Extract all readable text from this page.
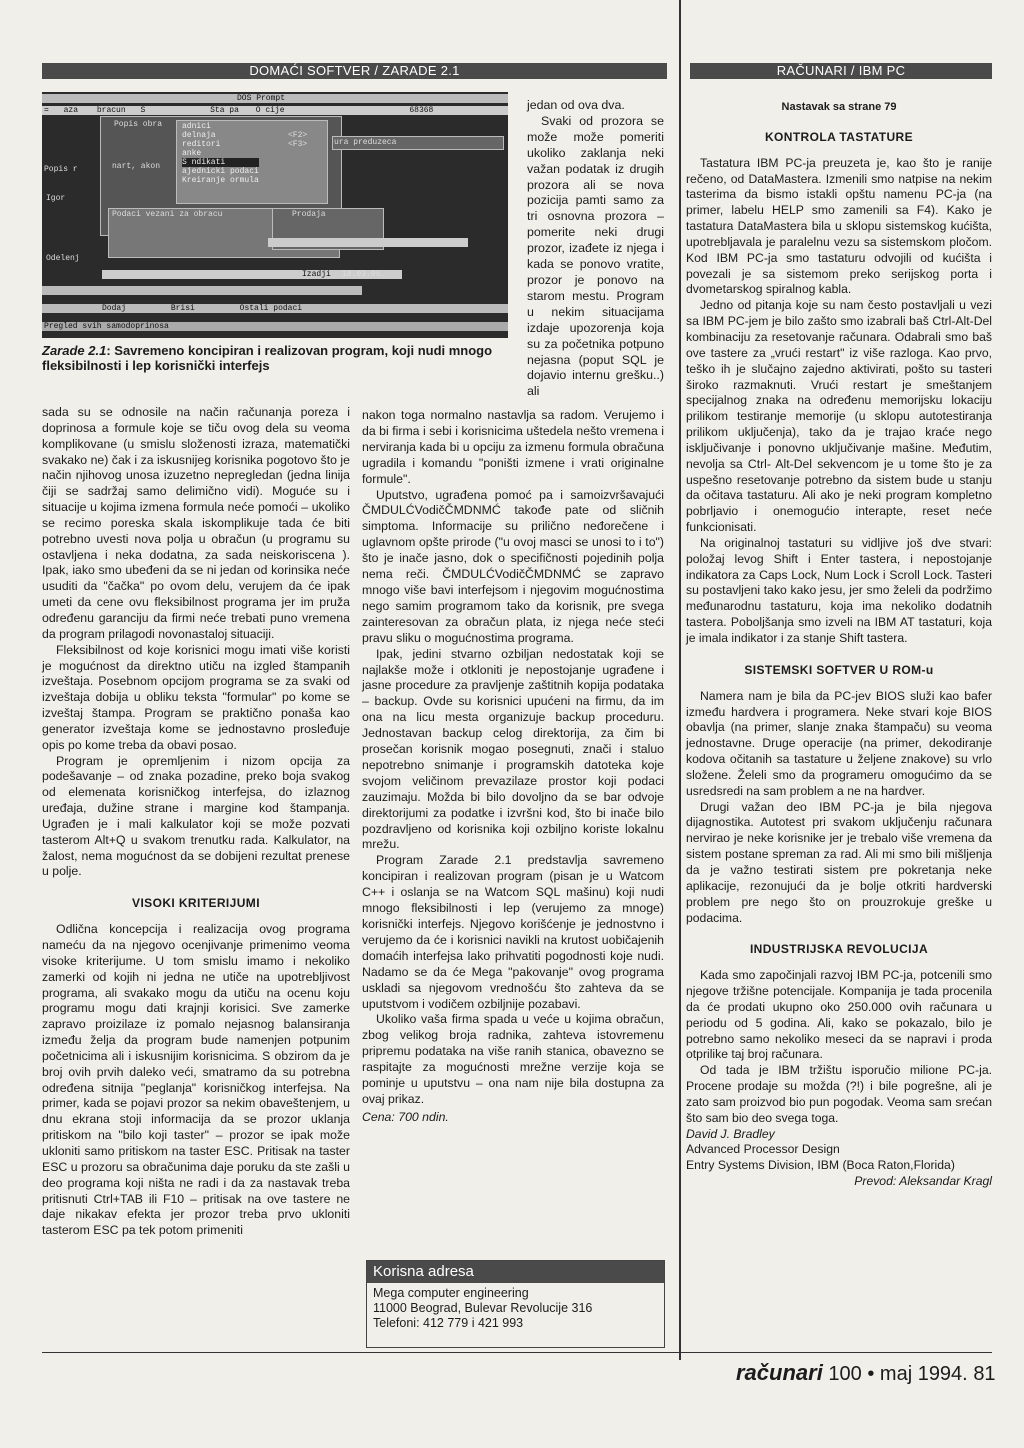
DOMAĆI SOFTVER / ZARADE 2.1	RAČUNARI / IBM PC
DOS Prompt
= aza bracun S	Sta pa O cije	68368
Popis obra adnici
delnaja
reditori
anke
S ndikati
ajednicki podaci
Kreiranje ormula
<F2>
<F3>	ura preduzeca
Popis r	nart, akon
Igor
Odelenj
Podaci vezani za obracu	Prodaja
Izadji 18.03.95.
Dodaj	Brisi	Ostali podaci
Pregled svih samodoprinosa
Zarade 2.1: Savremeno koncipiran i realizovan program, koji nudi mnogo fleksibilnosti i lep korisnički interfejs

sada su se odnosile na način računanja poreza i doprinosa a formule koje se tiču ovog dela su veoma komplikovane (u smislu složenosti izraza, matematički svakako ne) čak i za iskusnijeg korisnika pogotovo što je način njihovog unosa izuzetno nepregledan (jedna linija čiji se sadržaj samo delimično vidi). Moguće su i situacije u kojima izmena formula neće pomoći – ukoliko se recimo poreska skala iskomplikuje tada će biti potrebno uvesti nova polja u obračun (u programu su ostavljena i neka dodatna, za sada neiskoriscena ). Ipak, iako smo ubeđeni da se ni jedan od korinsika neće usuditi da "čačka" po ovom delu, verujem da će ipak umeti da cene ovu fleksibilnost programa jer im pruža određenu garanciju da firmi neće trebati puno vremena da program prilagodi novonastaloj situaciji.

Fleksibilnost od koje korisnici mogu imati više koristi je mogućnost da direktno utiču na izgled štampanih izveštaja. Posebnom opcijom programa se za svaki od izveštaja dobija u obliku teksta "formular" po kome se izveštaj štampa. Program se praktično ponaša kao generator izveštaja kome se jednostavno prosleđuje opis po kome treba da obavi posao.

Program je opremljenim i nizom opcija za podešavanje – od znaka pozadine, preko boja svakog od elemenata korisničkog interfejsa, do izlaznog uređaja, dužine strane i margine kod štampanja. Ugrađen je i mali kalkulator koji se može pozvati tasterom Alt+Q u svakom trenutku rada. Kalkulator, na žalost, nema mogućnost da se dobijeni rezultat prenese u polje.

VISOKI KRITERIJUMI

Odlična koncepcija i realizacija ovog programa nameću da na njegovo ocenjivanje primenimo veoma visoke kriterijume. U tom smislu imamo i nekoliko zamerki od kojih ni jedna ne utiče na upotrebljivost programa, ali svakako mogu da utiču na ocenu koju programu mogu dati krajnji korisici. Sve zamerke zapravo proizilaze iz pomalo nejasnog balansiranja između želja da program bude namenjen potpunim početnicima ali i iskusnijim korisnicima. S obzirom da je broj ovih prvih daleko veći, smatramo da su potrebna određena sitnija "peglanja" korisničkog interfejsa. Na primer, kada se pojavi prozor sa nekim obaveštenjem, u dnu ekrana stoji informacija da se prozor uklanja pritiskom na "bilo koji taster" – prozor se ipak može ukloniti samo pritiskom na taster ESC. Pritisak na taster ESC u prozoru sa obračunima daje poruku da ste zašli u deo programa koji ništa ne radi i da za nastavak treba pritisnuti Ctrl+TAB ili F10 – pritisak na ove tastere ne daje nikakav efekta jer prozor treba prvo ukloniti tasterom ESC pa tek potom primeniti

jedan od ova dva.

Svaki od prozora se može može pomeriti ukoliko zaklanja neki važan podatak iz drugih prozora ali se nova pozicija pamti samo za tri osnovna prozora – pomerite neki drugi prozor, izađete iz njega i kada se ponovo vratite, prozor je ponovo na starom mestu. Program u nekim situacijama izdaje upozorenja koja su za početnika potpuno nejasna (poput SQL je dojavio internu grešku..) ali

nakon toga normalno nastavlja sa radom. Verujemo i da bi firma i sebi i korisnicima uštedela nešto vremena i nerviranja kada bi u opciju za izmenu formula obračuna ugradila i komandu "poništi izmene i vrati originalne formule".

Uputstvo, ugrađena pomoć pa i samoizvršavajući ČMDULĆVodičČMDNMĆ takođe pate od sličnih simptoma. Informacije su prilično neđorečene i uglavnom opšte prirode ("u ovoj masci se unosi to i to") što je inače jasno, dok o specifičnosti pojedinih polja nema reči. ČMDULĆVodičČMDNMĆ se zapravo mnogo više bavi interfejsom i njegovim mogućnostima nego samim programom tako da korisnik, pre svega zainteresovan za obračun plata, iz njega neće steći pravu sliku o mogućnostima programa.

Ipak, jedini stvarno ozbiljan nedostatak koji se najlakše može i otkloniti je nepostojanje ugrađene i jasne procedure za pravljenje zaštitnih kopija podataka – backup. Ovde su korisnici upućeni na firmu, da im ona na licu mesta organizuje backup proceduru. Jednostavan backup celog direktorija, za čim bi prosečan korisnik mogao posegnuti, znači i staluo nepotrebno snimanje i programskih datoteka koje svojom veličinom prevazilaze prostor koji podaci zauzimaju. Možda bi bilo dovoljno da se bar odvoje direktorijumi za podatke i izvršni kod, što bi inače bilo pozdravljeno od korisnika koji ozbiljno koriste lokalnu mrežu.

Program Zarade 2.1 predstavlja savremeno koncipiran i realizovan program (pisan je u Watcom C++ i oslanja se na Watcom SQL mašinu) koji nudi mnogo fleksibilnosti i lep (verujemo za mnoge) korisnički interfejs. Njegovo korišćenje je jednostvno i verujemo da će i korisnici navikli na krutost uobičajenih domaćih interfejsa lako prihvatiti pogodnosti koje nudi. Nadamo se da će Mega "pakovanje" ovog programa uskladi sa njegovom vrednošću što zahteva da se uputstvom i vodičem ozbiljnije pozabavi.

Ukoliko vaša firma spada u veće u kojima obračun, zbog velikog broja radnika, zahteva istovremenu pripremu podataka na više ranih stanica, obavezno se raspitajte za mogućnosti mrežne verzije koja se pominje u uputstvu – ona nam nije bila dostupna za ovaj prikaz.

Cena: 700 ndin.

Korisna adresa
Mega computer engineering
11000 Beograd, Bulevar Revolucije 316
Telefoni: 412 779 i 421 993
Nastavak sa strane 79
KONTROLA TASTATURE

Tastatura IBM PC-ja preuzeta je, kao što je ranije rečeno, od DataMastera. Izmenili smo natpise na nekim tasterima da bismo istakli opštu namenu PC-ja (na primer, labelu HELP smo zamenili sa F4). Kako je tastatura DataMastera bila u sklopu sistemskog kućišta, upotrebljavala je paralelnu vezu sa sistemskom pločom. Kod IBM PC-ja smo tastaturu odvojili od kućišta i povezali je sa sistemom preko serijskog porta i dvometarskog spiralnog kabla.

Jedno od pitanja koje su nam često postavljali u vezi sa IBM PC-jem je bilo zašto smo izabrali baš Ctrl-Alt-Del kombinaciju za resetovanje računara. Odabrali smo baš ove tastere za „vrući restart" iz više razloga. Kao prvo, teško ih je slučajno zajedno aktivirati, pošto su tasteri široko razmaknuti. Vrući restart je smeštanjem specijalnog znaka na određenu memorijsku lokaciju prilikom testiranje memorije (u sklopu autotestiranja prilikom uključenja), tako da je trajao kraće nego isključivanje i ponovno uključivanje mašine. Međutim, nevolja sa Ctrl- Alt-Del sekvencom je u tome što je za uspešno resetovanje potrebno da sistem bude u stanju da očitava tastaturu. Ali ako je neki program kompletno pobrljavio i onemogućio interapte, reset neće funkcionisati.

Na originalnoj tastaturi su vidljive još dve stvari: položaj levog Shift i Enter tastera, i nepostojanje indikatora za Caps Lock, Num Lock i Scroll Lock. Tasteri su postavljeni tako kako jesu, jer smo želeli da podržimo međunarodnu tastaturu, koja ima nekoliko dodatnih tastera. Poboljšanja smo izveli na IBM AT tastaturi, koja je imala indikator i za stanje Shift tastera.

SISTEMSKI SOFTVER U ROM-u

Namera nam je bila da PC-jev BIOS služi kao bafer između hardvera i programera. Neke stvari koje BIOS obavlja (na primer, slanje znaka štampaču) su veoma jednostavne. Druge operacije (na primer, dekodiranje kodova očitanih sa tastature u željene znakove) su vrlo složene. Želeli smo da programeru omogućimo da se usredsredi na sam problem a ne na hardver.

Drugi važan deo IBM PC-ja je bila njegova dijagnostika. Autotest pri svakom uključenju računara nervirao je neke korisnike jer je trebalo više vremena da sistem postane spreman za rad. Ali mi smo bili mišljenja da je važno testirati sistem pre pokretanja neke aplikacije, rezonujući da je bolje otkriti hardverski problem pre nego što on prouzrokuje greške u podacima.

INDUSTRIJSKA REVOLUCIJA

Kada smo započinjali razvoj IBM PC-ja, potcenili smo njegove tržišne potencijale. Kompanija je tada procenila da će prodati ukupno oko 250.000 ovih računara u periodu od 5 godina. Ali, kako se pokazalo, bilo je potrebno samo nekoliko meseci da se napravi i proda otprilike taj broj računara.

Od tada je IBM tržištu isporučio milione PC-ja. Procene prodaje su možda (?!) i bile pogrešne, ali je zato sam proizvod bio pun pogodak. Veoma sam srećan što sam bio deo svega toga.

David J. Bradley
Advanced Processor Design
Entry Systems Division, IBM (Boca Raton,Florida)
Prevod: Aleksandar Kragl
računari 100 • maj 1994. 81
